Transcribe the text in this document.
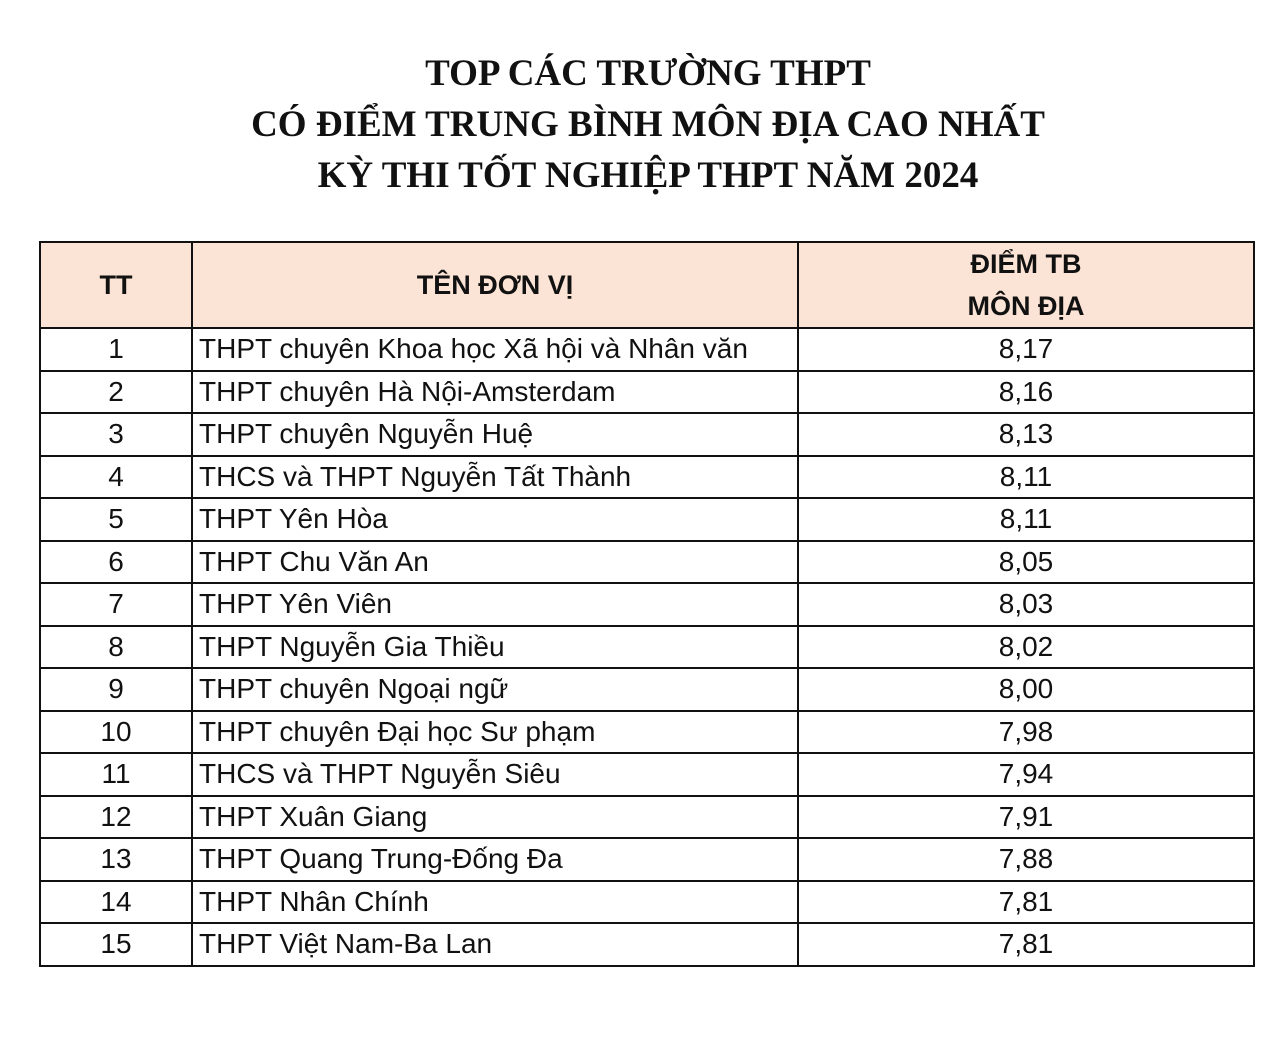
TOP CÁC TRƯỜNG THPT
CÓ ĐIỂM TRUNG BÌNH MÔN ĐỊA CAO NHẤT
KỲ THI TỐT NGHIỆP THPT NĂM 2024
TT	TÊN ĐƠN VỊ	ĐIỂM TB
MÔN ĐỊA

1	THPT chuyên Khoa học Xã hội và Nhân văn	8,17
2	THPT chuyên Hà Nội-Amsterdam	8,16
3	THPT chuyên Nguyễn Huệ	8,13
4	THCS và THPT Nguyễn Tất Thành	8,11
5	THPT Yên Hòa	8,11
6	THPT Chu Văn An	8,05
7	THPT Yên Viên	8,03
8	THPT Nguyễn Gia Thiều	8,02
9	THPT chuyên Ngoại ngữ	8,00
10	THPT chuyên Đại học Sư phạm	7,98
11	THCS và THPT Nguyễn Siêu	7,94
12	THPT Xuân Giang	7,91
13	THPT Quang Trung-Đống Đa	7,88
14	THPT Nhân Chính	7,81
15	THPT Việt Nam-Ba Lan	7,81
